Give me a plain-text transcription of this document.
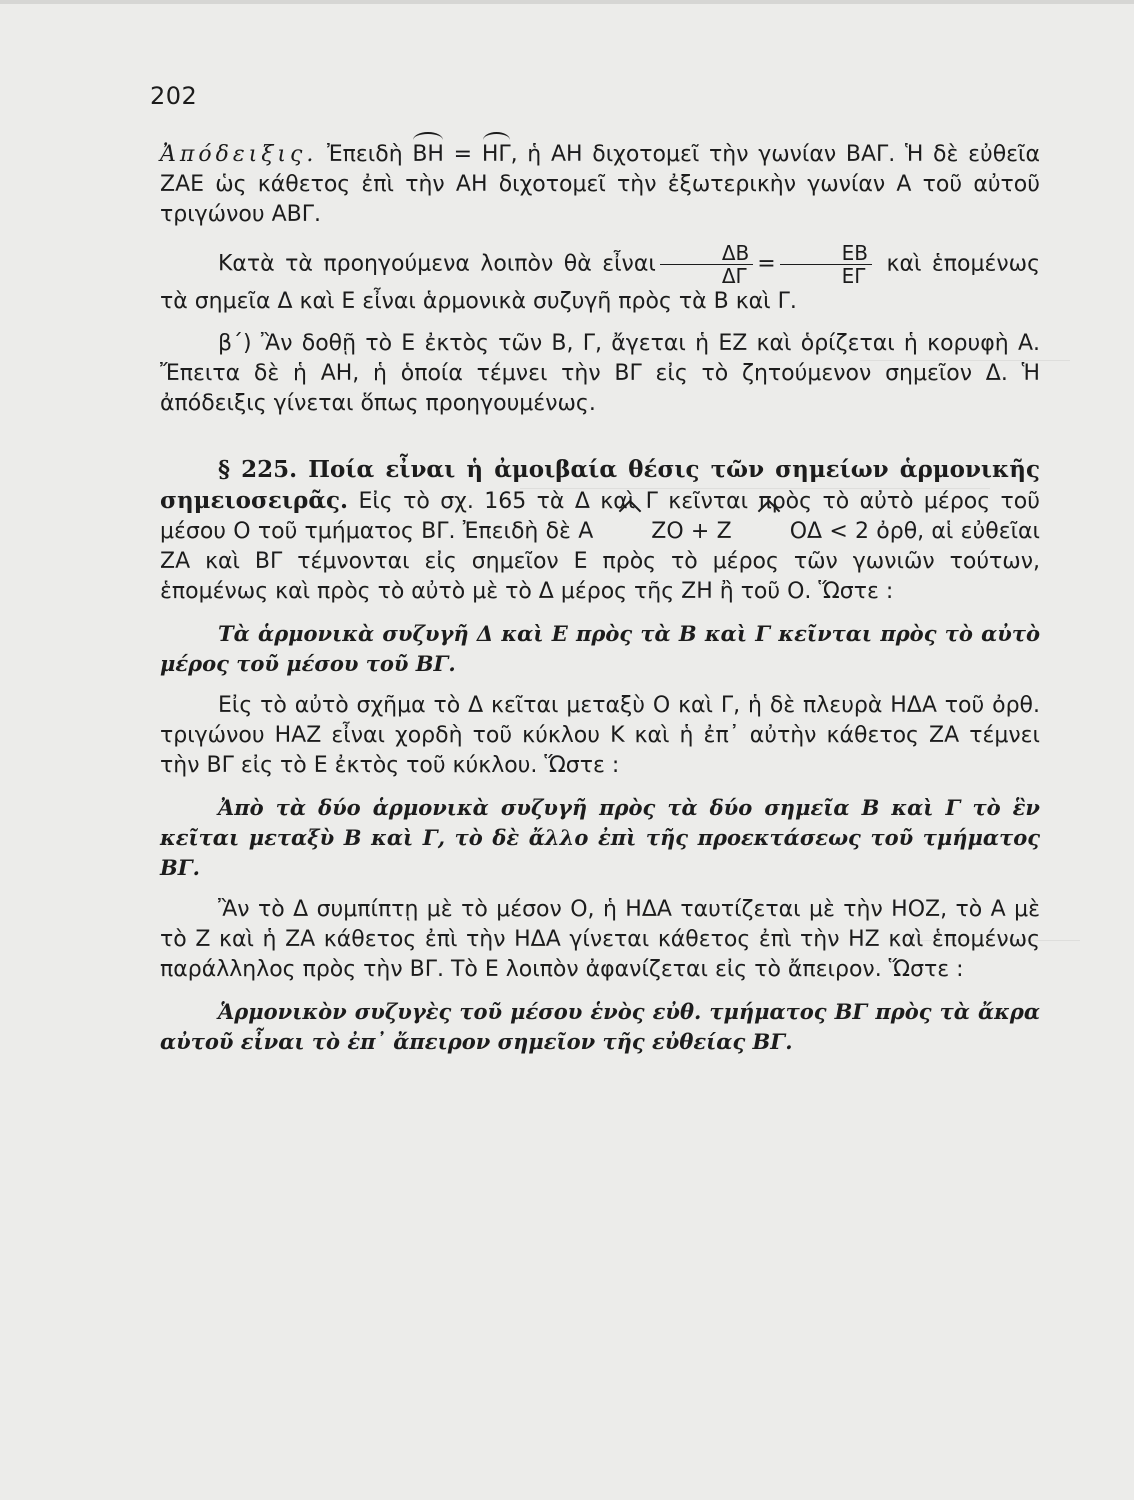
202

Ἀπόδειξις. Ἐπειδὴ ΒΗ = ΗΓ, ἡ ΑΗ διχοτομεῖ τὴν γωνίαν ΒΑΓ. Ἡ δὲ εὐθεῖα ΖΑΕ ὡς κάθετος ἐπὶ τὴν ΑΗ διχοτομεῖ τὴν ἐξωτερικὴν γωνίαν Α τοῦ αὐτοῦ τριγώνου ΑΒΓ.

Κατὰ τὰ προηγούμενα λοιπὸν θὰ εἶναι $\frac{\Delta B}{\Delta\Gamma} = \frac{EB}{E\Gamma}$ καὶ ἑπομένως τὰ σημεῖα Δ καὶ Ε εἶναι ἁρμονικὰ συζυγῆ πρὸς τὰ Β καὶ Γ.

β´) Ἂν δοθῇ τὸ Ε ἐκτὸς τῶν Β, Γ, ἄγεται ἡ ΕΖ καὶ ὁρίζεται ἡ κορυφὴ Α. Ἔπειτα δὲ ἡ ΑΗ, ἡ ὁποία τέμνει τὴν ΒΓ εἰς τὸ ζητούμενον σημεῖον Δ. Ἡ ἀπόδειξις γίνεται ὅπως προηγουμένως.

§ 225. Ποία εἶναι ἡ ἀμοιβαία θέσις τῶν σημείων ἁρμονικῆς σημειοσειρᾶς. Εἰς τὸ σχ. 165 τὰ Δ καὶ Γ κεῖνται πρὸς τὸ αὐτὸ μέρος τοῦ μέσου Ο τοῦ τμήματος ΒΓ. Ἐπειδὴ δὲ Α	ΖΟ + Ζ	ΟΔ < 2 ὀρθ, αἱ εὐθεῖαι ΖΑ καὶ ΒΓ τέμνονται εἰς σημεῖον Ε πρὸς τὸ μέρος τῶν γωνιῶν τούτων, ἑπομένως καὶ πρὸς τὸ αὐτὸ μὲ τὸ Δ μέρος τῆς ΖΗ ἢ τοῦ Ο. Ὥστε :

Τὰ ἁρμονικὰ συζυγῆ Δ καὶ Ε πρὸς τὰ Β καὶ Γ κεῖνται πρὸς τὸ αὐτὸ μέρος τοῦ μέσου τοῦ ΒΓ.

Εἰς τὸ αὐτὸ σχῆμα τὸ Δ κεῖται μεταξὺ Ο καὶ Γ, ἡ δὲ πλευρὰ ΗΔΑ τοῦ ὀρθ. τριγώνου ΗΑΖ εἶναι χορδὴ τοῦ κύκλου Κ καὶ ἡ ἐπ᾽ αὐτὴν κάθετος ΖΑ τέμνει τὴν ΒΓ εἰς τὸ Ε ἐκτὸς τοῦ κύκλου. Ὥστε :

Ἀπὸ τὰ δύο ἁρμονικὰ συζυγῆ πρὸς τὰ δύο σημεῖα Β καὶ Γ τὸ ἓν κεῖται μεταξὺ Β καὶ Γ, τὸ δὲ ἄλλο ἐπὶ τῆς προεκτάσεως τοῦ τμήματος ΒΓ.

Ἂν τὸ Δ συμπίπτῃ μὲ τὸ μέσον Ο, ἡ ΗΔΑ ταυτίζεται μὲ τὴν ΗΟΖ, τὸ Α μὲ τὸ Ζ καὶ ἡ ΖΑ κάθετος ἐπὶ τὴν ΗΔΑ γίνεται κάθετος ἐπὶ τὴν ΗΖ καὶ ἑπομένως παράλληλος πρὸς τὴν ΒΓ. Τὸ Ε λοιπὸν ἀφανίζεται εἰς τὸ ἄπειρον. Ὥστε :

Ἁρμονικὸν συζυγὲς τοῦ μέσου ἑνὸς εὐθ. τμήματος ΒΓ πρὸς τὰ ἄκρα αὐτοῦ εἶναι τὸ ἐπ᾽ ἄπειρον σημεῖον τῆς εὐθείας ΒΓ.
